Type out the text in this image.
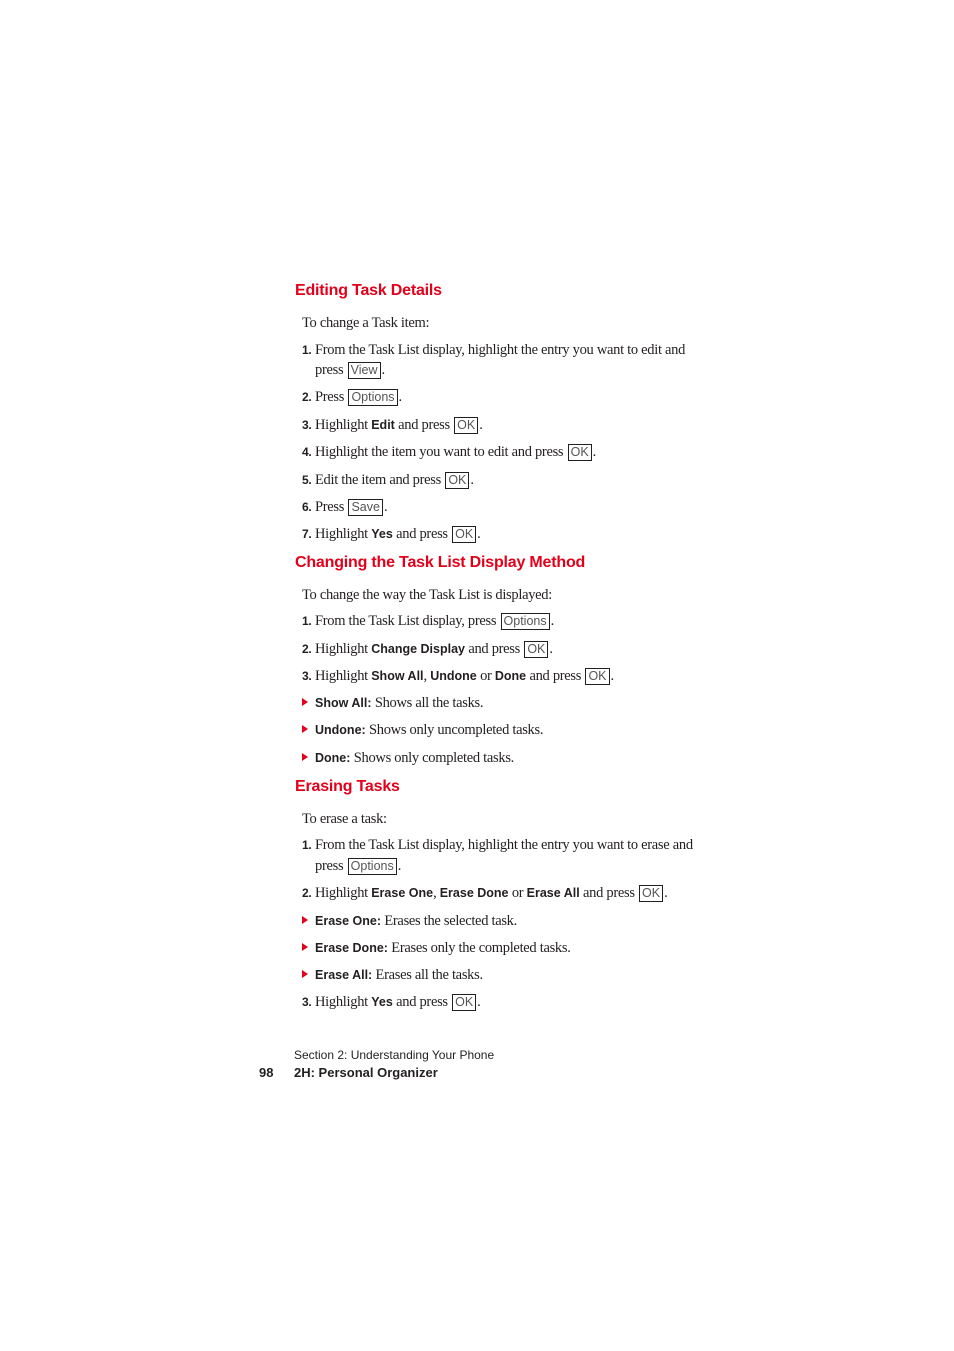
Editing Task Details
To change a Task item:
1. From the Task List display, highlight the entry you want to edit and
press View .
2. Press Options .
3. Highlight Edit and press OK .
4. Highlight the item you want to edit and press OK .
5. Edit the item and press OK .
6. Press Save .
7. Highlight Yes and press OK .
Changing the Task List Display Method
To change the way the Task List is displayed:
1. From the Task List display, press Options .
2. Highlight Change Display and press OK .
3. Highlight Show All, Undone or Done and press OK .
Show All: Shows all the tasks.
Undone: Shows only uncompleted tasks.
Done: Shows only completed tasks.
Erasing Tasks
To erase a task:
1. From the Task List display, highlight the entry you want to erase and
press Options .
2. Highlight Erase One, Erase Done or Erase All and press OK .
Erase One: Erases the selected task.
Erase Done: Erases only the completed tasks.
Erase All: Erases all the tasks.
3. Highlight Yes and press OK .
Section 2: Understanding Your Phone
98 2H: Personal Organizer
